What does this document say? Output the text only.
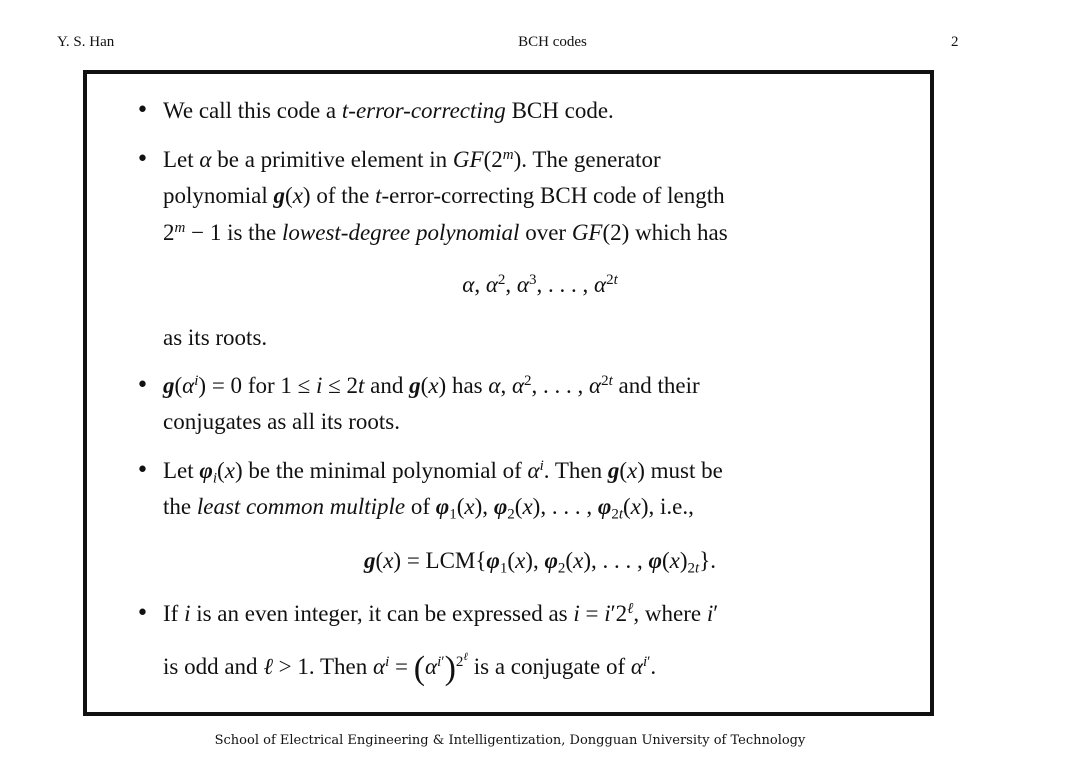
Y. S. Han	BCH codes	2
•
•
•
•
•
We call this code a t-error-correcting BCH code.
Let α be a primitive element in GF(2$^m$). The generator
polynomial g(x) of the t-error-correcting BCH code of length
$2^m - 1$ is the lowest-degree polynomial over GF(2) which has
α, $\alpha^2$, $\alpha^3$, . . . , $\alpha^{2t}$
as its roots.
$g(\alpha^i) = 0$ for 1 ≤ i ≤ 2t and g(x) has α, $\alpha^2$, . . . , $\alpha^{2t}$ and their
conjugates as all its roots.
Let $\varphi_i(x)$ be the minimal polynomial of $\alpha^i$. Then g(x) must be
the least common multiple of $\varphi_1(x)$, $\varphi_2(x)$, . . . , $\varphi_{2t}(x)$, i.e.,
$g(x) = LCM\{\varphi_1(x)$, $\varphi_2(x)$, . . . , $\varphi(x)_{2t}$}.
If i is an even integer, it can be expressed as $i = i'2^\ell$, where i′
is odd and ℓ > 1. Then $\alpha^i = (\alpha^{i'})^{2^\ell}$ is a conjugate of $\alpha^{i'}$.
School of Electrical Engineering & Intelligentization, Dongguan University of Technology
